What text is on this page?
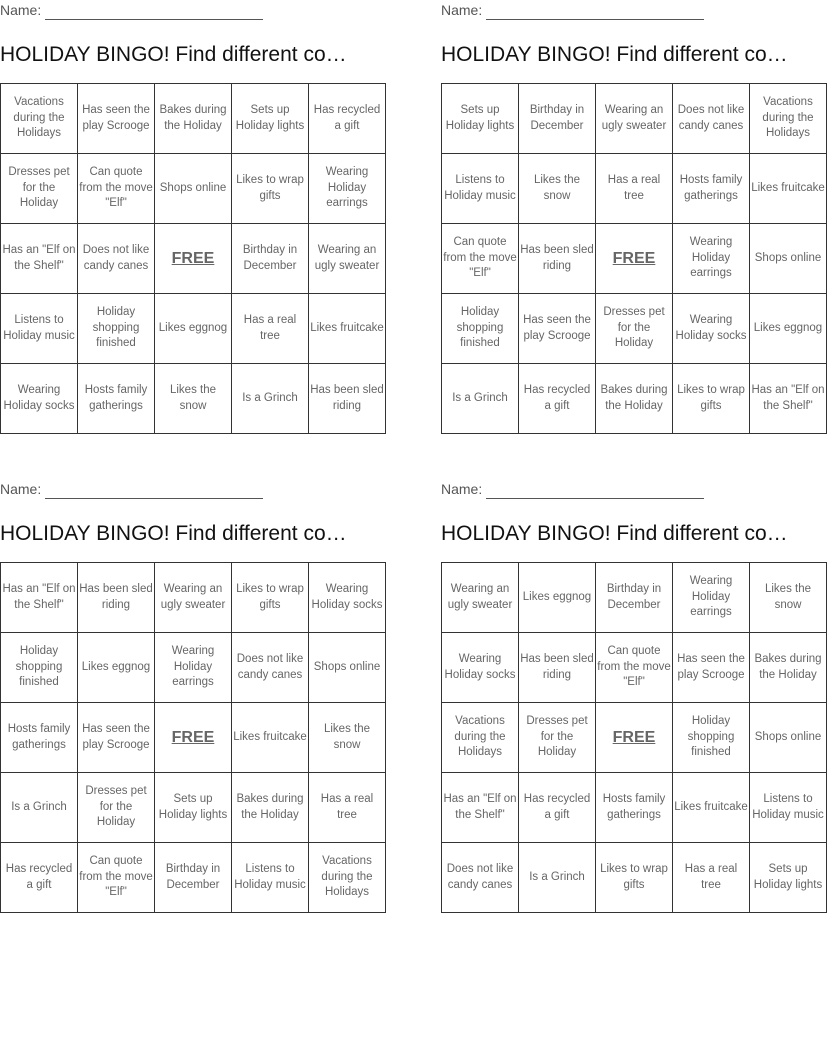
Name:
HOLIDAY BINGO! Find different co…
Vacations during the Holidays	Has seen the play Scrooge	Bakes during the Holiday	Sets up Holiday lights	Has recycled a gift
Dresses pet for the Holiday	Can quote from the move "Elf"	Shops online	Likes to wrap gifts	Wearing Holiday earrings
Has an "Elf on the Shelf"	Does not like candy canes	FREE	Birthday in December	Wearing an ugly sweater
Listens to Holiday music	Holiday shopping finished	Likes eggnog	Has a real tree	Likes fruitcake
Wearing Holiday socks	Hosts family gatherings	Likes the snow	Is a Grinch	Has been sled riding
Name:
HOLIDAY BINGO! Find different co…
Sets up Holiday lights	Birthday in December	Wearing an ugly sweater	Does not like candy canes	Vacations during the Holidays
Listens to Holiday music	Likes the snow	Has a real tree	Hosts family gatherings	Likes fruitcake
Can quote from the move "Elf"	Has been sled riding	FREE	Wearing Holiday earrings	Shops online
Holiday shopping finished	Has seen the play Scrooge	Dresses pet for the Holiday	Wearing Holiday socks	Likes eggnog
Is a Grinch	Has recycled a gift	Bakes during the Holiday	Likes to wrap gifts	Has an "Elf on the Shelf"
Name:
HOLIDAY BINGO! Find different co…
Has an "Elf on the Shelf"	Has been sled riding	Wearing an ugly sweater	Likes to wrap gifts	Wearing Holiday socks
Holiday shopping finished	Likes eggnog	Wearing Holiday earrings	Does not like candy canes	Shops online
Hosts family gatherings	Has seen the play Scrooge	FREE	Likes fruitcake	Likes the snow
Is a Grinch	Dresses pet for the Holiday	Sets up Holiday lights	Bakes during the Holiday	Has a real tree
Has recycled a gift	Can quote from the move "Elf"	Birthday in December	Listens to Holiday music	Vacations during the Holidays
Name:
HOLIDAY BINGO! Find different co…
Wearing an ugly sweater	Likes eggnog	Birthday in December	Wearing Holiday earrings	Likes the snow
Wearing Holiday socks	Has been sled riding	Can quote from the move "Elf"	Has seen the play Scrooge	Bakes during the Holiday
Vacations during the Holidays	Dresses pet for the Holiday	FREE	Holiday shopping finished	Shops online
Has an "Elf on the Shelf"	Has recycled a gift	Hosts family gatherings	Likes fruitcake	Listens to Holiday music
Does not like candy canes	Is a Grinch	Likes to wrap gifts	Has a real tree	Sets up Holiday lights
